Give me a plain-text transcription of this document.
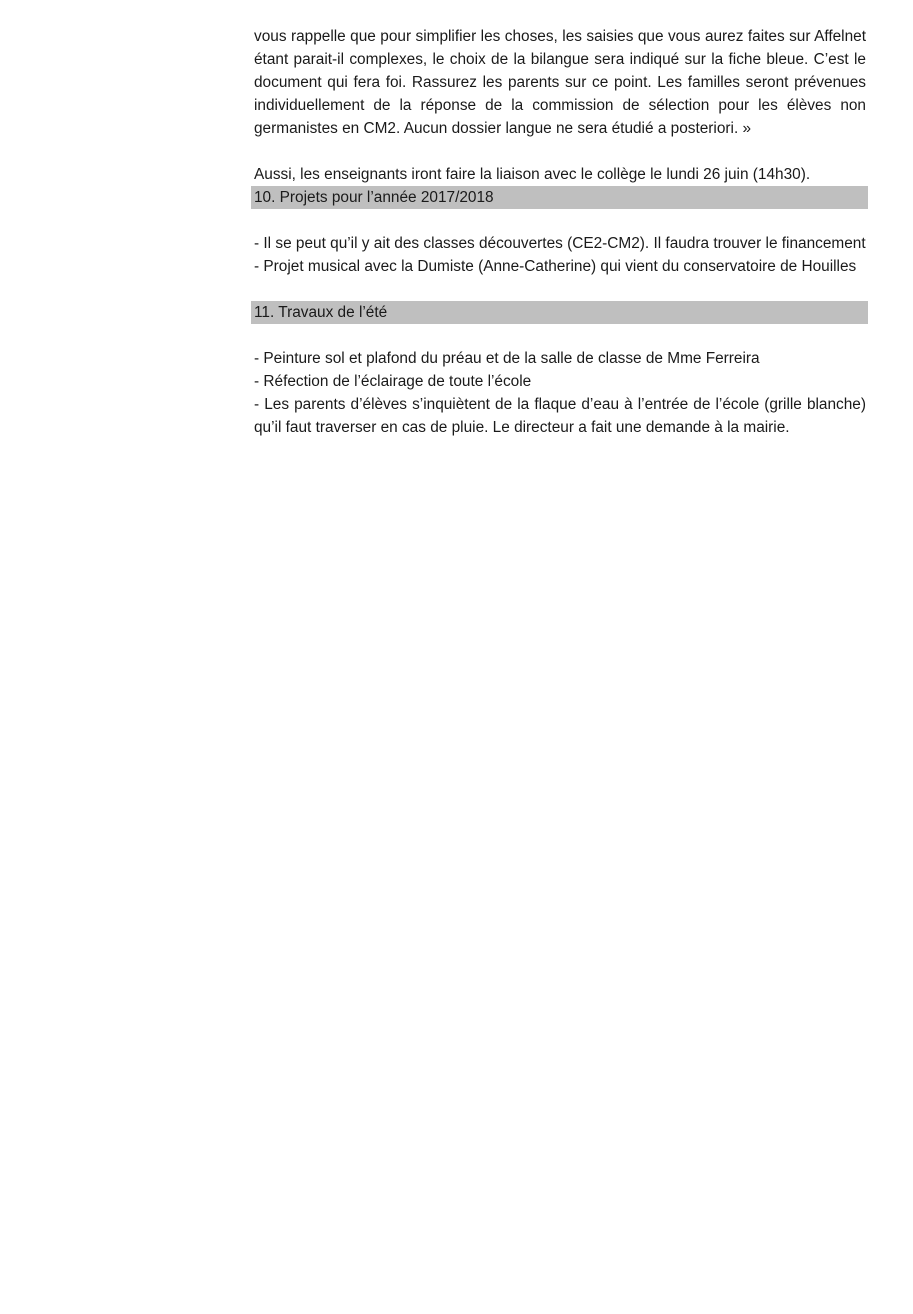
vous rappelle que pour simplifier les choses, les saisies que vous aurez faites sur Affelnet étant parait-il complexes, le choix de la bilangue sera indiqué sur la fiche bleue. C’est le document qui fera foi. Rassurez les parents sur ce point. Les familles seront prévenues individuellement de la réponse de la commission de sélection pour les élèves non germanistes en CM2. Aucun dossier langue ne sera étudié a posteriori. »

Aussi, les enseignants iront faire la liaison avec le collège le lundi 26 juin (14h30).

10. Projets pour l’année 2017/2018

- Il se peut qu’il y ait des classes découvertes (CE2-CM2). Il faudra trouver le financement

- Projet musical avec la Dumiste (Anne-Catherine) qui vient du conservatoire de Houilles

11. Travaux de l’été

- Peinture sol et plafond du préau et de la salle de classe de Mme Ferreira

- Réfection de l’éclairage de toute l’école

- Les parents d’élèves s’inquiètent de la flaque d’eau à l’entrée de l’école (grille blanche) qu’il faut traverser en cas de pluie. Le directeur a fait une demande à la mairie.
